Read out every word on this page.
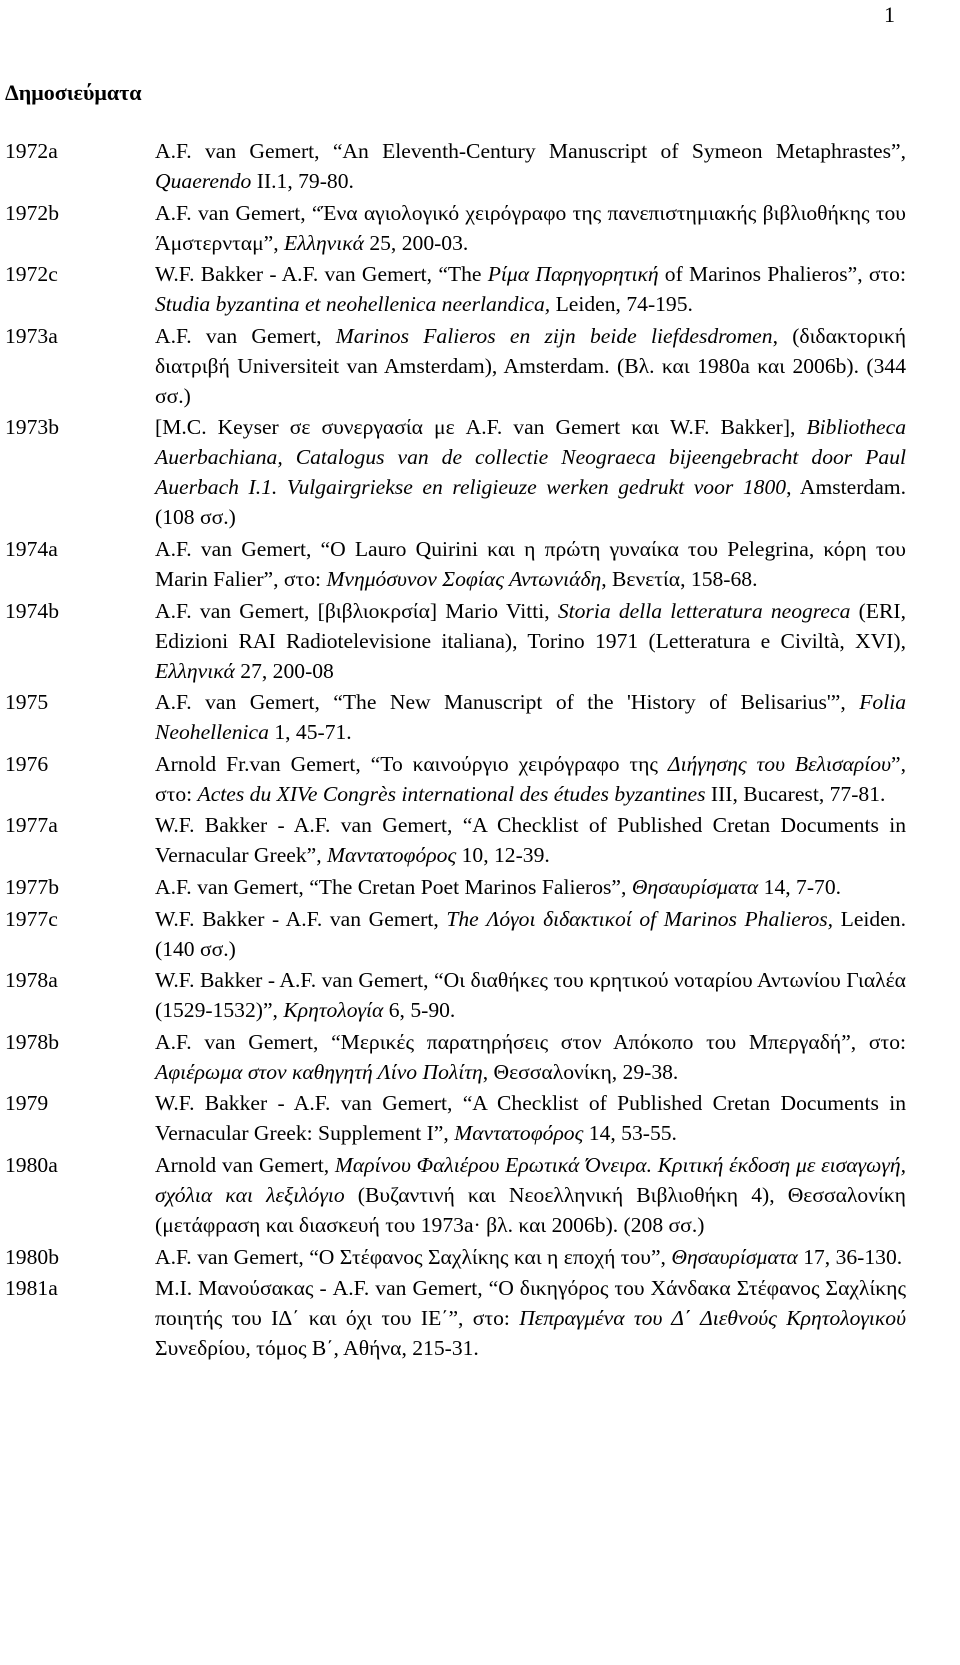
1
Δημοσιεύματα
1972a	A.F. van Gemert, “An Eleventh-Century Manuscript of Symeon Metaphrastes”, Quaerendo II.1, 79-80.
1972b	A.F. van Gemert, “Ένα αγιολογικό χειρόγραφο της πανεπιστημιακής βιβλιοθήκης του Άμστερνταμ”, Ελληνικά 25, 200-03.
1972c	W.F. Bakker - A.F. van Gemert, “The Ρίμα Παρηγορητική of Marinos Phalieros”, στο: Studia byzantina et neohellenica neerlandica, Leiden, 74-195.
1973a	A.F. van Gemert, Marinos Falieros en zijn beide liefdesdromen, (διδακτορική διατριβή Universiteit van Amsterdam), Amsterdam. (Βλ. και 1980a και 2006b). (344 σσ.)
1973b	[M.C. Keyser σε συνεργασία με A.F. van Gemert και W.F. Bakker], Bibliotheca Auerbachiana, Catalogus van de collectie Neograeca bijeengebracht door Paul Auerbach I.1. Vulgairgriekse en religieuze werken gedrukt voor 1800, Amsterdam. (108 σσ.)
1974a	A.F. van Gemert, “Ο Lauro Quirini και η πρώτη γυναίκα του Pelegrina, κόρη του Marin Falier”, στο: Μνημόσυνον Σοφίας Αντωνιάδη, Βενετία, 158-68.
1974b	A.F. van Gemert, [βιβλιοκρσία] Mario Vitti, Storia della letteratura neogreca (ERI, Edizioni RAI Radiotelevisione italiana), Torino 1971 (Letteratura e Civiltà, XVI), Ελληνικά 27, 200-08
1975	A.F. van Gemert, “The New Manuscript of the 'History of Belisarius'”, Folia Neohellenica 1, 45-71.
1976	Arnold Fr.van Gemert, “Το καινούργιο χειρόγραφο της Διήγησης του Βελισαρίου”, στο: Actes du XIVe Congrès international des études byzantines III, Bucarest, 77-81.
1977a	W.F. Bakker - A.F. van Gemert, “A Checklist of Published Cretan Documents in Vernacular Greek”, Μαντατοφόρος 10, 12-39.
1977b	A.F. van Gemert, “The Cretan Poet Marinos Falieros”, Θησαυρίσματα 14, 7-70.
1977c	W.F. Bakker - A.F. van Gemert, The Λόγοι διδακτικοί of Marinos Phalieros, Leiden. (140 σσ.)
1978a	W.F. Bakker - A.F. van Gemert, “Οι διαθήκες του κρητικού νοταρίου Αντωνίου Γιαλέα (1529-1532)”, Κρητολογία 6, 5-90.
1978b	A.F. van Gemert, “Μερικές παρατηρήσεις στον Απόκοπο του Μπεργαδή”, στο: Αφιέρωμα στον καθηγητή Λίνο Πολίτη, Θεσσαλονίκη, 29-38.
1979	W.F. Bakker - A.F. van Gemert, “A Checklist of Published Cretan Documents in Vernacular Greek: Supplement I”, Μαντατοφόρος 14, 53-55.
1980a	Arnold van Gemert, Μαρίνου Φαλιέρου Ερωτικά Όνειρα. Κριτική έκδοση με εισαγωγή, σχόλια και λεξιλόγιο (Βυζαντινή και Νεοελληνική Βιβλιοθήκη 4), Θεσσαλονίκη (μετάφραση και διασκευή του 1973a· βλ. και 2006b). (208 σσ.)
1980b	A.F. van Gemert, “Ο Στέφανος Σαχλίκης και η εποχή του”, Θησαυρίσματα 17, 36-130.
1981a	M.I. Μανούσακας - A.F. van Gemert, “Ο δικηγόρος του Χάνδακα Στέφανος Σαχλίκης ποιητής του ΙΔ΄ και όχι του ΙΕ΄”, στο: Πεπραγμένα του Δ΄ Διεθνούς Κρητολογικού Συνεδρίου, τόμος Β΄, Αθήνα, 215-31.
